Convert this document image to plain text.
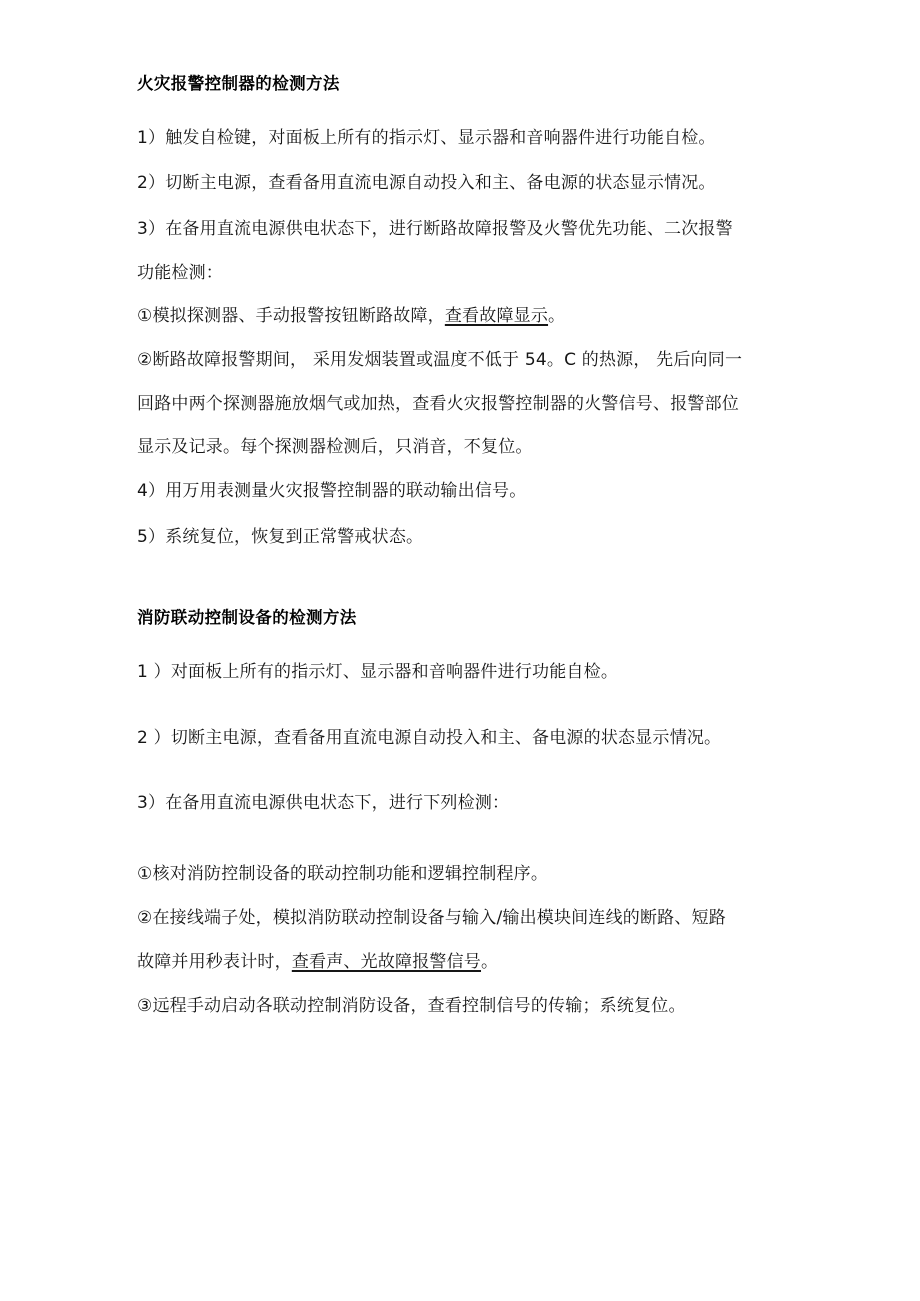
火灾报警控制器的检测方法

1）触发自检键，对面板上所有的指示灯、显示器和音响器件进行功能自检。

2）切断主电源，查看备用直流电源自动投入和主、备电源的状态显示情况。

3）在备用直流电源供电状态下，进行断路故障报警及火警优先功能、二次报警

功能检测：

①模拟探测器、手动报警按钮断路故障，查看故障显示。

②断路故障报警期间， 采用发烟装置或温度不低于 54。C 的热源， 先后向同一

回路中两个探测器施放烟气或加热，查看火灾报警控制器的火警信号、报警部位

显示及记录。每个探测器检测后，只消音，不复位。

4）用万用表测量火灾报警控制器的联动输出信号。

5）系统复位，恢复到正常警戒状态。

消防联动控制设备的检测方法

1 ）对面板上所有的指示灯、显示器和音响器件进行功能自检。

2 ）切断主电源，查看备用直流电源自动投入和主、备电源的状态显示情况。

3）在备用直流电源供电状态下，进行下列检测：

①核对消防控制设备的联动控制功能和逻辑控制程序。

②在接线端子处，模拟消防联动控制设备与输入/输出模块间连线的断路、短路

故障并用秒表计时，查看声、光故障报警信号。

③远程手动启动各联动控制消防设备，查看控制信号的传输；系统复位。
